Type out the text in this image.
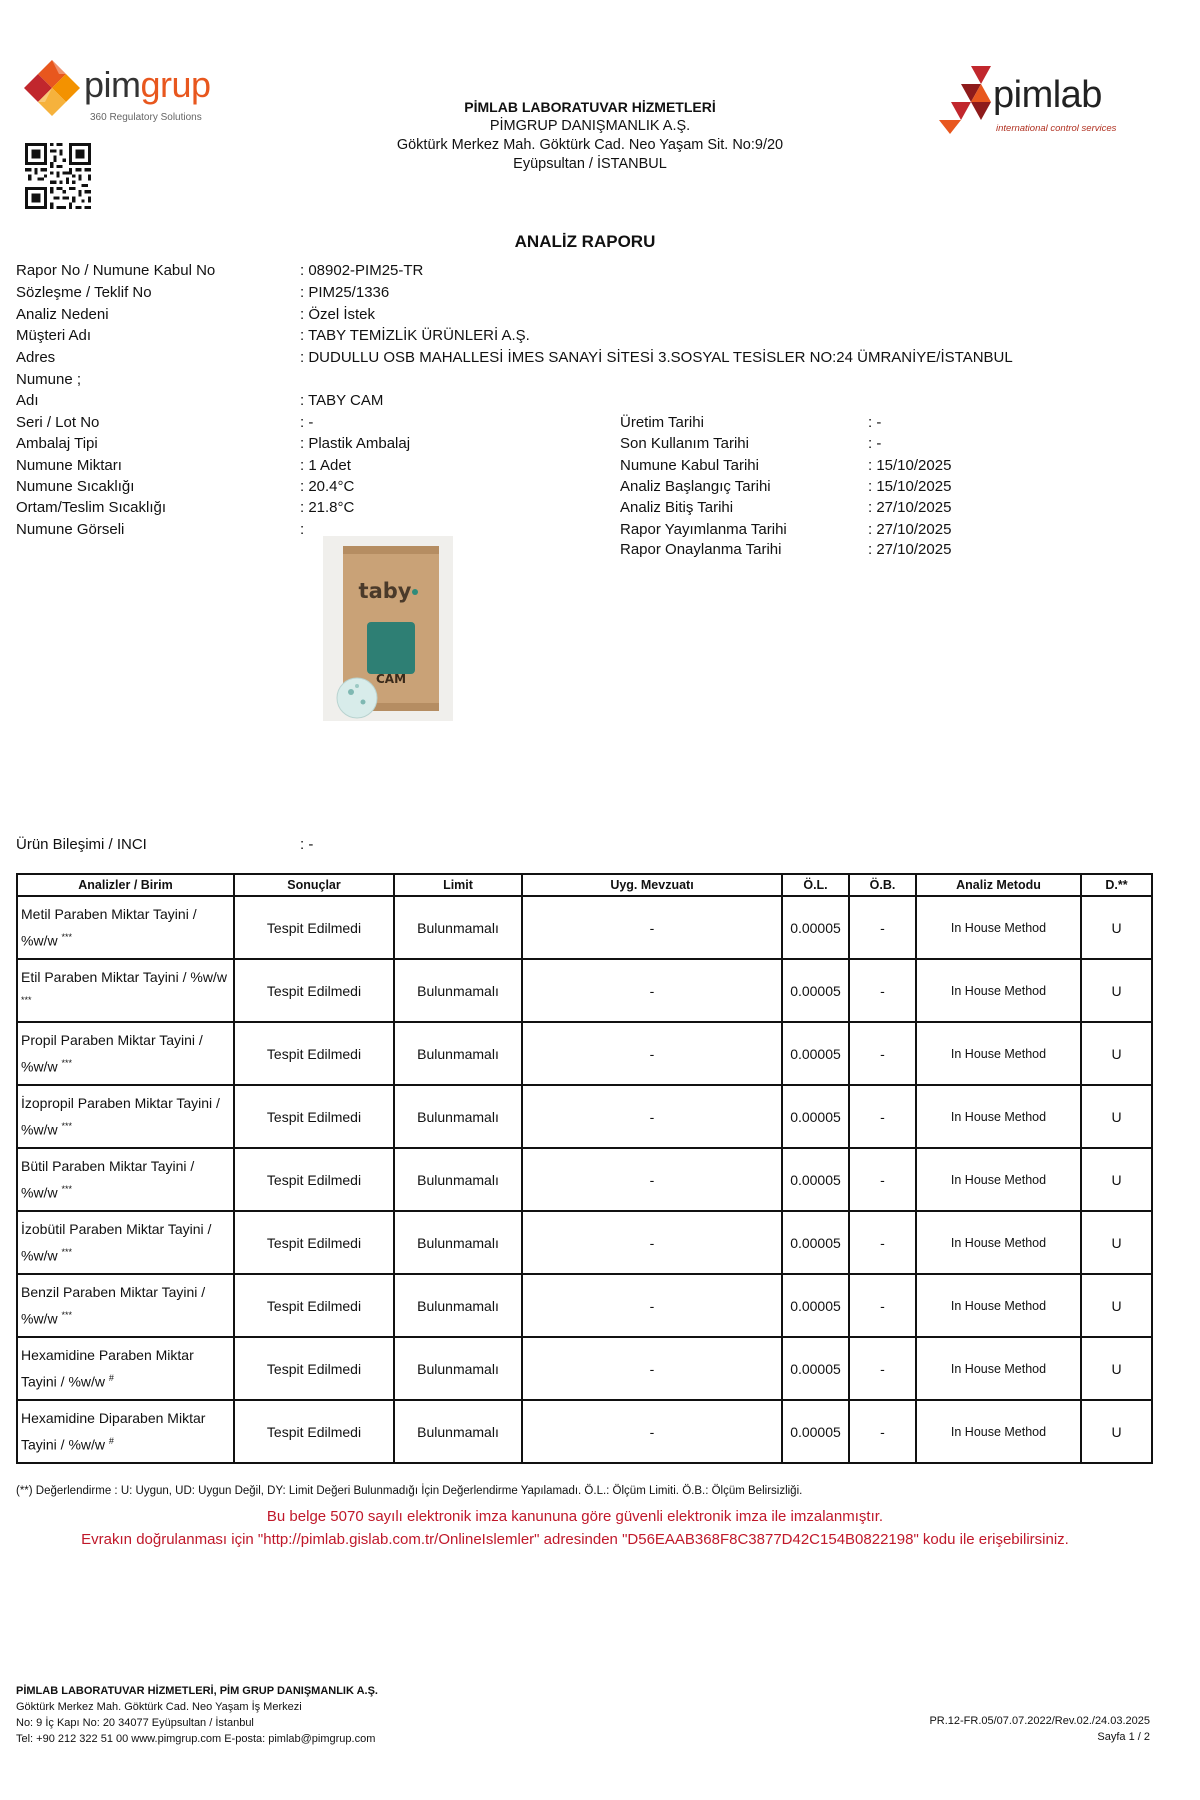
pimgrup
360 Regulatory Solutions
PİMLAB LABORATUVAR HİZMETLERİ
PİMGRUP DANIŞMANLIK A.Ş.
Göktürk Merkez Mah. Göktürk Cad. Neo Yaşam Sit. No:9/20
Eyüpsultan / İSTANBUL
pimlab
international control services
ANALİZ RAPORU
Rapor No / Numune Kabul No	: 08902-PIM25-TR
Sözleşme / Teklif No	: PIM25/1336
Analiz Nedeni	: Özel İstek
Müşteri Adı	: TABY TEMİZLİK ÜRÜNLERİ A.Ş.
Adres	: DUDULLU OSB MAHALLESİ İMES SANAYİ SİTESİ 3.SOSYAL TESİSLER NO:24 ÜMRANİYE/İSTANBUL
Numune ;
Adı	: TABY CAM
Seri / Lot No	: -
Ambalaj Tipi	: Plastik Ambalaj
Numune Miktarı	: 1 Adet
Numune Sıcaklığı	: 20.4°C
Ortam/Teslim Sıcaklığı	: 21.8°C
Numune Görseli	:
Üretim Tarihi	: -
Son Kullanım Tarihi	: -
Numune Kabul Tarihi	: 15/10/2025
Analiz Başlangıç Tarihi	: 15/10/2025
Analiz Bitiş Tarihi	: 27/10/2025
Rapor Yayımlanma Tarihi	: 27/10/2025
Rapor Onaylanma Tarihi	: 27/10/2025
taby
CAM
Ürün Bileşimi / INCI	: -
Analizler / Birim	Sonuçlar	Limit	Uyg. Mevzuatı	Ö.L.	Ö.B.	Analiz Metodu	D.**
Metil Paraben Miktar Tayini / %w/w ***	Tespit Edilmedi	Bulunmamalı	-	0.00005	-	In House Method	U
Etil Paraben Miktar Tayini / %w/w ***	Tespit Edilmedi	Bulunmamalı	-	0.00005	-	In House Method	U
Propil Paraben Miktar Tayini / %w/w ***	Tespit Edilmedi	Bulunmamalı	-	0.00005	-	In House Method	U
İzopropil Paraben Miktar Tayini / %w/w ***	Tespit Edilmedi	Bulunmamalı	-	0.00005	-	In House Method	U
Bütil Paraben Miktar Tayini / %w/w ***	Tespit Edilmedi	Bulunmamalı	-	0.00005	-	In House Method	U
İzobütil Paraben Miktar Tayini / %w/w ***	Tespit Edilmedi	Bulunmamalı	-	0.00005	-	In House Method	U
Benzil Paraben Miktar Tayini / %w/w ***	Tespit Edilmedi	Bulunmamalı	-	0.00005	-	In House Method	U
Hexamidine Paraben Miktar Tayini / %w/w #	Tespit Edilmedi	Bulunmamalı	-	0.00005	-	In House Method	U
Hexamidine Diparaben Miktar Tayini / %w/w #	Tespit Edilmedi	Bulunmamalı	-	0.00005	-	In House Method	U
(**) Değerlendirme : U: Uygun, UD: Uygun Değil, DY: Limit Değeri Bulunmadığı İçin Değerlendirme Yapılamadı. Ö.L.: Ölçüm Limiti. Ö.B.: Ölçüm Belirsizliği.
Bu belge 5070 sayılı elektronik imza kanununa göre güvenli elektronik imza ile imzalanmıştır.
Evrakın doğrulanması için "http://pimlab.gislab.com.tr/OnlineIslemler" adresinden "D56EAAB368F8C3877D42C154B0822198" kodu ile erişebilirsiniz.
PİMLAB LABORATUVAR HİZMETLERİ, PİM GRUP DANIŞMANLIK A.Ş.
Göktürk Merkez Mah. Göktürk Cad. Neo Yaşam İş Merkezi
No: 9 İç Kapı No: 20 34077 Eyüpsultan / İstanbul
Tel: +90 212 322 51 00 www.pimgrup.com E-posta: pimlab@pimgrup.com
PR.12-FR.05/07.07.2022/Rev.02./24.03.2025
Sayfa 1 / 2
